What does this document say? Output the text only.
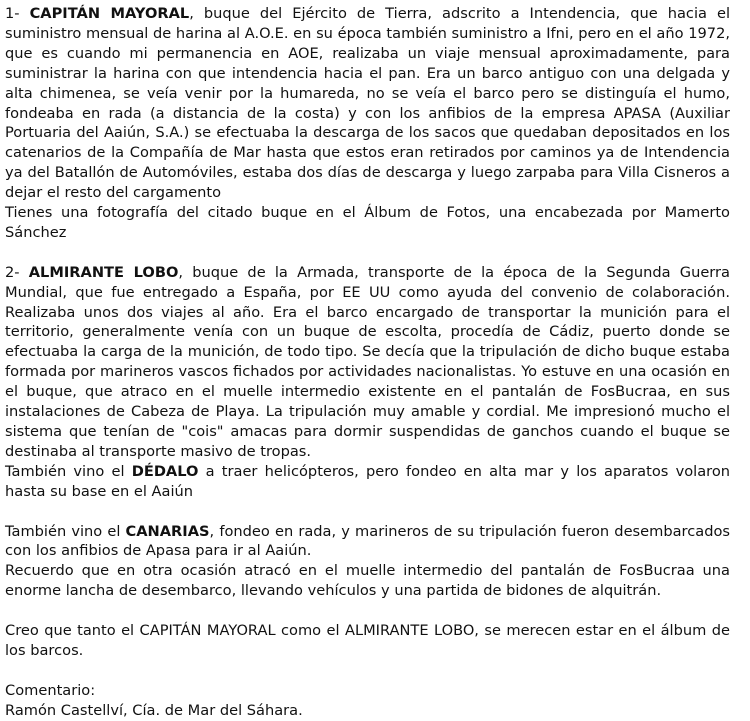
1- CAPITÁN MAYORAL, buque del Ejército de Tierra, adscrito a Intendencia, que hacia el suministro mensual de harina al A.O.E. en su época también suministro a Ifni, pero en el año 1972, que es cuando mi permanencia en AOE, realizaba un viaje mensual aproximadamente, para suministrar la harina con que intendencia hacia el pan. Era un barco antiguo con una delgada y alta chimenea, se veía venir por la humareda, no se veía el barco pero se distinguía el humo, fondeaba en rada (a distancia de la costa) y con los anfibios de la empresa APASA (Auxiliar Portuaria del Aaiún, S.A.) se efectuaba la descarga de los sacos que quedaban depositados en los catenarios de la Compañía de Mar hasta que estos eran retirados por caminos ya de Intendencia ya del Batallón de Automóviles, estaba dos días de descarga y luego zarpaba para Villa Cisneros a dejar el resto del cargamento

Tienes una fotografía del citado buque en el Álbum de Fotos, una encabezada por Mamerto Sánchez

2- ALMIRANTE LOBO, buque de la Armada, transporte de la época de la Segunda Guerra Mundial, que fue entregado a España, por EE UU como ayuda del convenio de colaboración. Realizaba unos dos viajes al año. Era el barco encargado de transportar la munición para el territorio, generalmente venía con un buque de escolta, procedía de Cádiz, puerto donde se efectuaba la carga de la munición, de todo tipo. Se decía que la tripulación de dicho buque estaba formada por marineros vascos fichados por actividades nacionalistas. Yo estuve en una ocasión en el buque, que atraco en el muelle intermedio existente en el pantalán de FosBucraa, en sus instalaciones de Cabeza de Playa. La tripulación muy amable y cordial. Me impresionó mucho el sistema que tenían de "cois" amacas para dormir suspendidas de ganchos cuando el buque se destinaba al transporte masivo de tropas.

También vino el DÉDALO a traer helicópteros, pero fondeo en alta mar y los aparatos volaron hasta su base en el Aaiún

También vino el CANARIAS, fondeo en rada, y marineros de su tripulación fueron desembarcados con los anfibios de Apasa para ir al Aaiún.

Recuerdo que en otra ocasión atracó en el muelle intermedio del pantalán de FosBucraa una enorme lancha de desembarco, llevando vehículos y una partida de bidones de alquitrán.

Creo que tanto el CAPITÁN MAYORAL como el ALMIRANTE LOBO, se merecen estar en el álbum de los barcos.

Comentario:

Ramón Castellví, Cía. de Mar del Sáhara.
